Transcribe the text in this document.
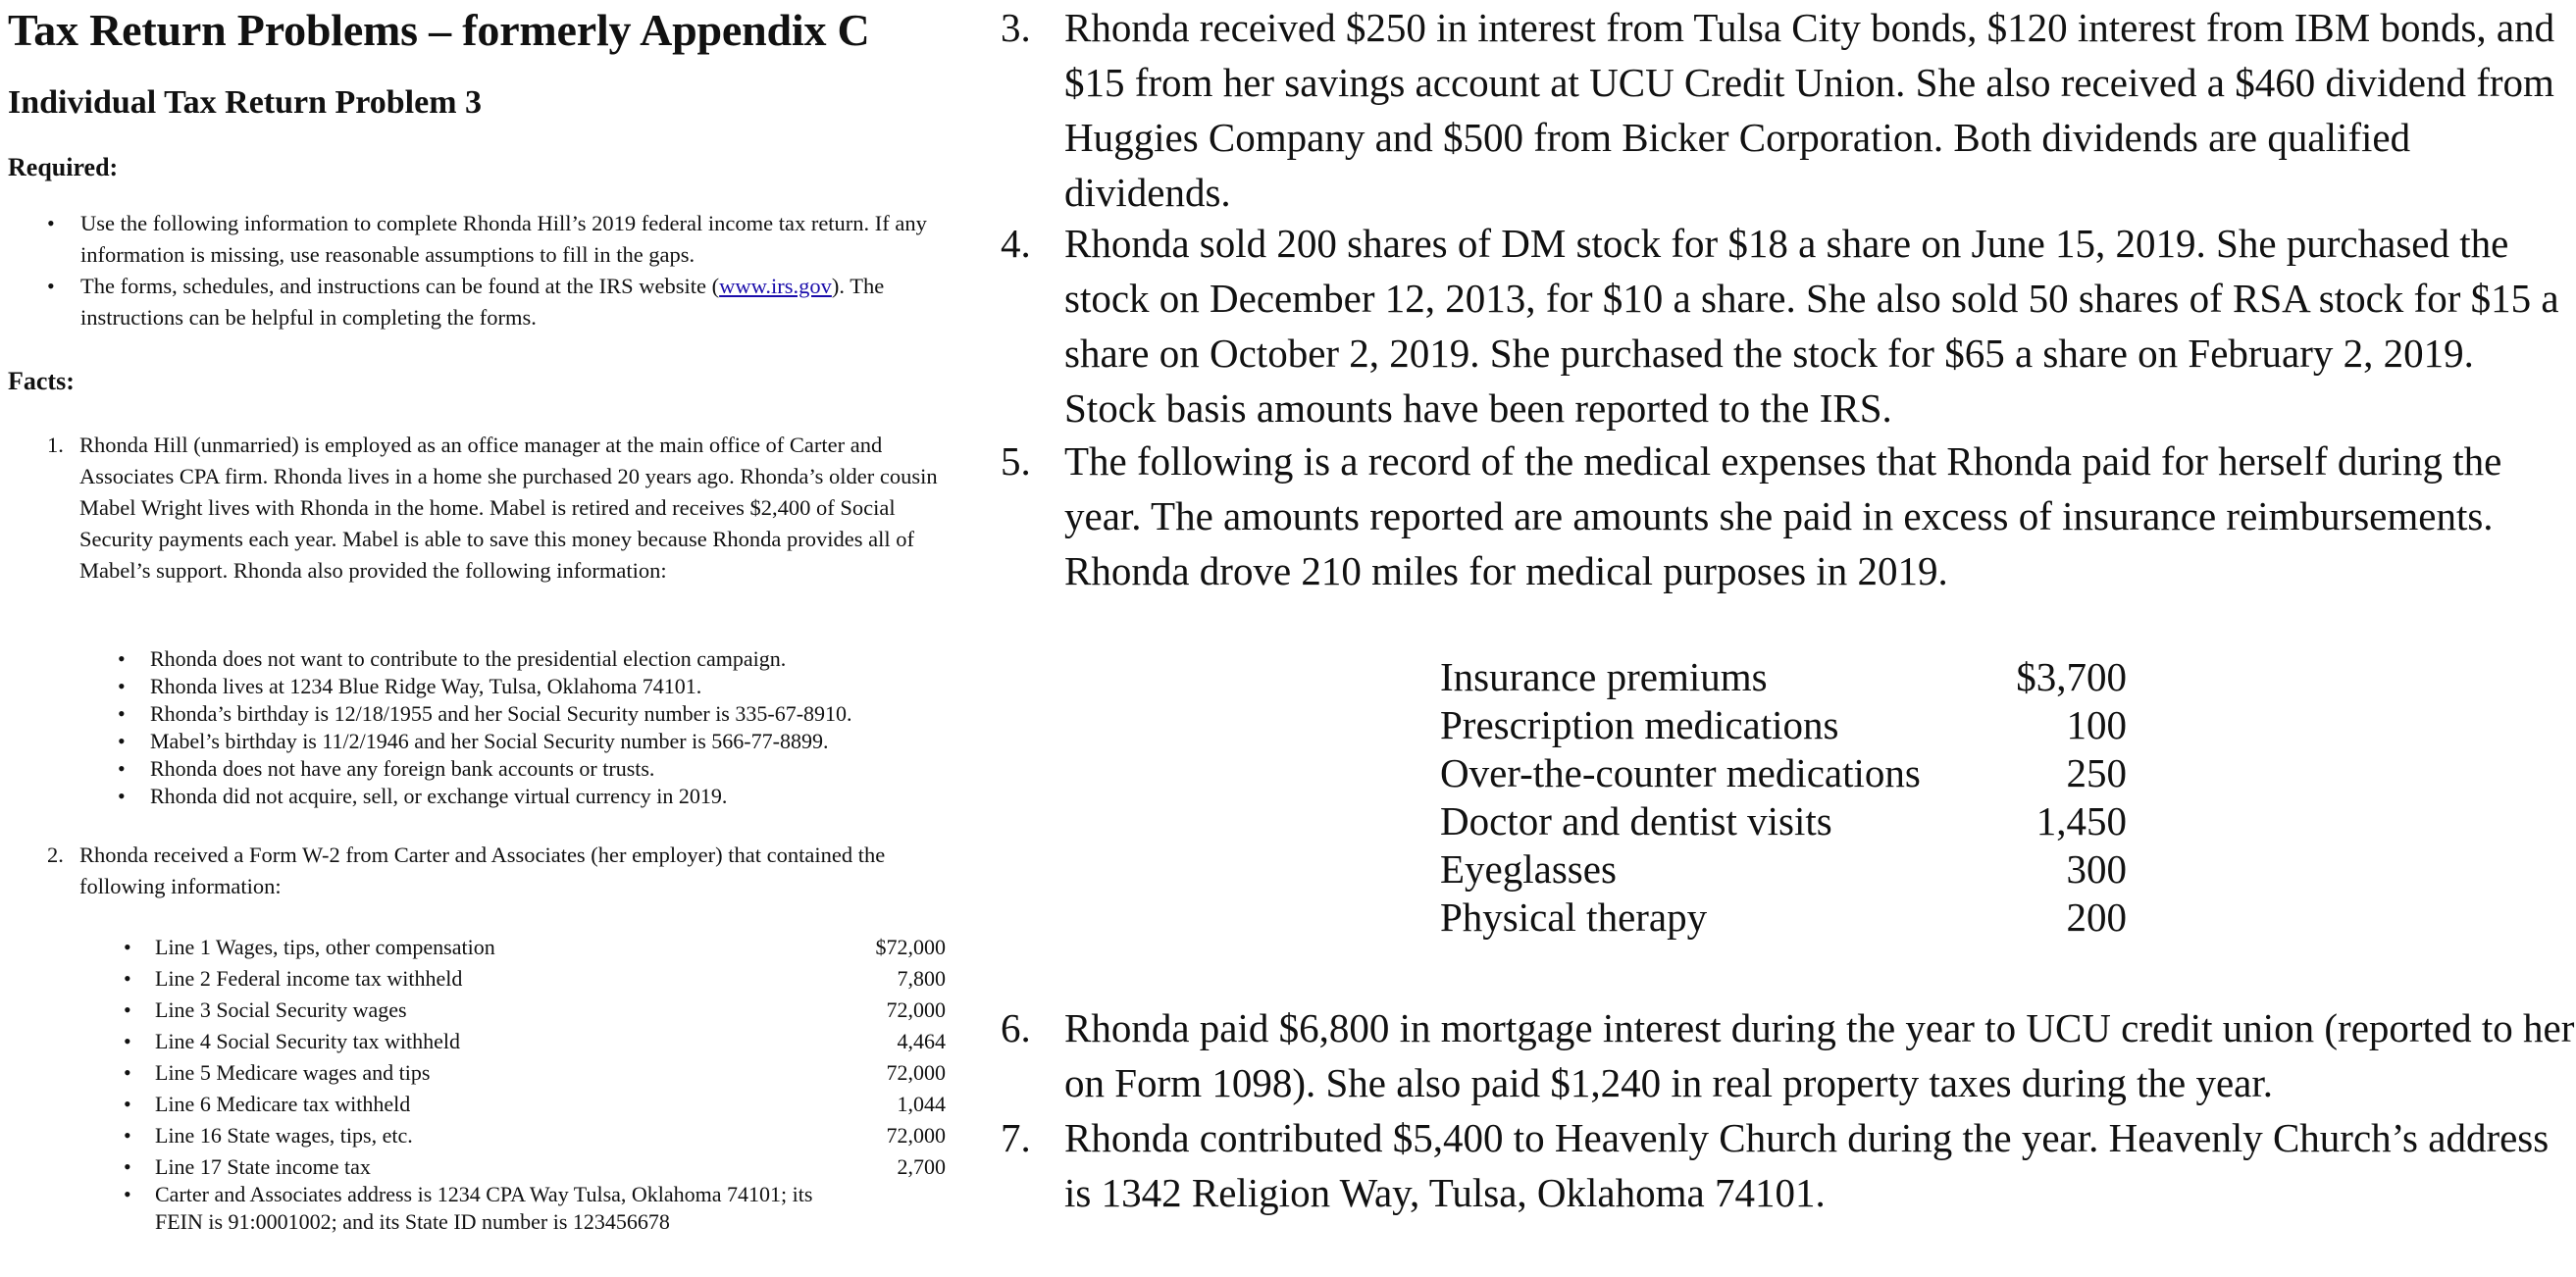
Tax Return Problems – formerly Appendix C
Individual Tax Return Problem 3
Required:
• Use the following information to complete Rhonda Hill’s 2019 federal income tax return. If any information is missing, use reasonable assumptions to fill in the gaps.
• The forms, schedules, and instructions can be found at the IRS website (www.irs.gov). The instructions can be helpful in completing the forms.
Facts:
1. Rhonda Hill (unmarried) is employed as an office manager at the main office of Carter and Associates CPA firm. Rhonda lives in a home she purchased 20 years ago. Rhonda’s older cousin Mabel Wright lives with Rhonda in the home. Mabel is retired and receives $2,400 of Social Security payments each year. Mabel is able to save this money because Rhonda provides all of Mabel’s support. Rhonda also provided the following information:
• Rhonda does not want to contribute to the presidential election campaign.
• Rhonda lives at 1234 Blue Ridge Way, Tulsa, Oklahoma 74101.
• Rhonda’s birthday is 12/18/1955 and her Social Security number is 335-67-8910.
• Mabel’s birthday is 11/2/1946 and her Social Security number is 566-77-8899.
• Rhonda does not have any foreign bank accounts or trusts.
• Rhonda did not acquire, sell, or exchange virtual currency in 2019.
2. Rhonda received a Form W-2 from Carter and Associates (her employer) that contained the following information:
• Line 1 Wages, tips, other compensation	$72,000
• Line 2 Federal income tax withheld	7,800
• Line 3 Social Security wages	72,000
• Line 4 Social Security tax withheld	4,464
• Line 5 Medicare wages and tips	72,000
• Line 6 Medicare tax withheld	1,044
• Line 16 State wages, tips, etc.	72,000
• Line 17 State income tax	2,700
• Carter and Associates address is 1234 CPA Way Tulsa, Oklahoma 74101; its FEIN is 91:0001002; and its State ID number is 123456678
3. Rhonda received $250 in interest from Tulsa City bonds, $120 interest from IBM bonds, and $15 from her savings account at UCU Credit Union. She also received a $460 dividend from Huggies Company and $500 from Bicker Corporation. Both dividends are qualified dividends.
4. Rhonda sold 200 shares of DM stock for $18 a share on June 15, 2019. She purchased the stock on December 12, 2013, for $10 a share. She also sold 50 shares of RSA stock for $15 a share on October 2, 2019. She purchased the stock for $65 a share on February 2, 2019. Stock basis amounts have been reported to the IRS.
5. The following is a record of the medical expenses that Rhonda paid for herself during the year. The amounts reported are amounts she paid in excess of insurance reimbursements. Rhonda drove 210 miles for medical purposes in 2019.
Insurance premiums	$3,700
Prescription medications	100
Over-the-counter medications	250
Doctor and dentist visits	1,450
Eyeglasses	300
Physical therapy	200
6. Rhonda paid $6,800 in mortgage interest during the year to UCU credit union (reported to her on Form 1098). She also paid $1,240 in real property taxes during the year.
7. Rhonda contributed $5,400 to Heavenly Church during the year. Heavenly Church’s address is 1342 Religion Way, Tulsa, Oklahoma 74101.
